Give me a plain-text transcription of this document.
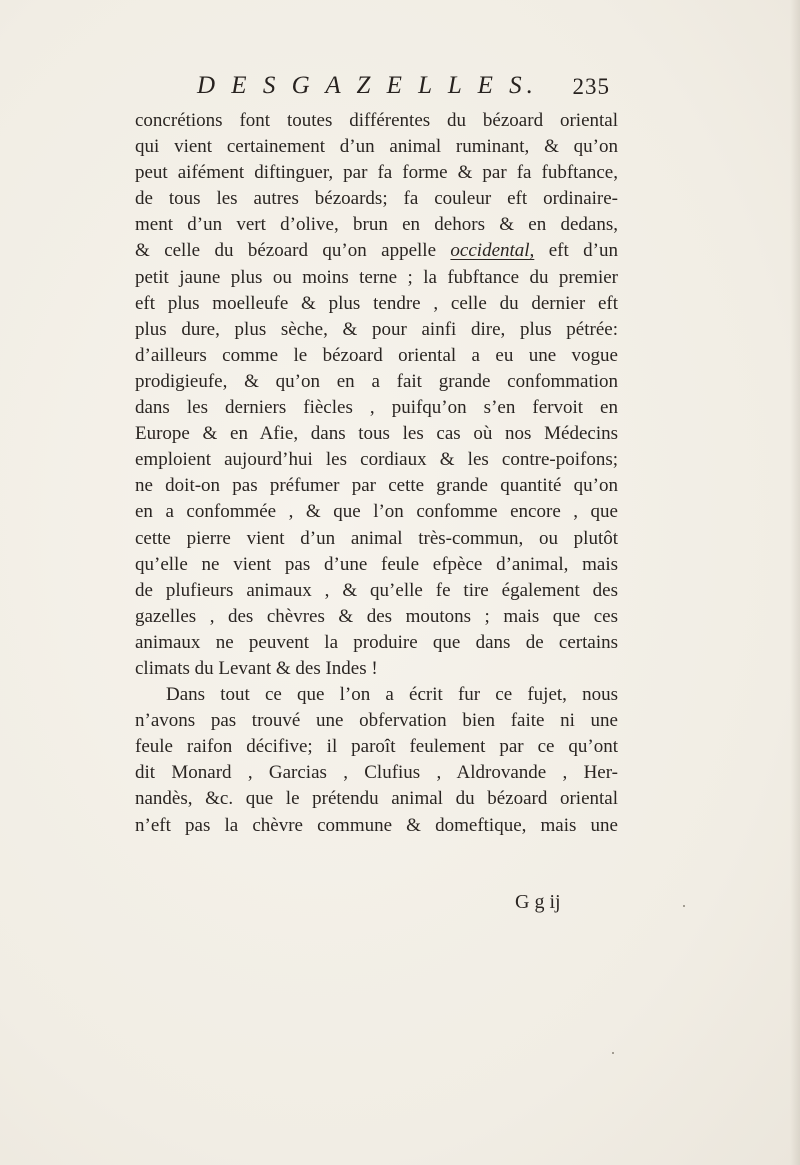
D E S G A Z E L L E S. 235
concrétions font toutes différentes du bézoard oriental
qui vient certainement d’un animal ruminant, & qu’on
peut aifément diftinguer, par fa forme & par fa fubftance,
de tous les autres bézoards; fa couleur eft ordinaire-
ment d’un vert d’olive, brun en dehors & en dedans,
& celle du bézoard qu’on appelle occidental, eft d’un
petit jaune plus ou moins terne ; la fubftance du premier
eft plus moelleufe & plus tendre , celle du dernier eft
plus dure, plus sèche, & pour ainfi dire, plus pétrée:
d’ailleurs comme le bézoard oriental a eu une vogue
prodigieufe, & qu’on en a fait grande confommation
dans les derniers fiècles , puifqu’on s’en fervoit en
Europe & en Afie, dans tous les cas où nos Médecins
emploient aujourd’hui les cordiaux & les contre-poifons;
ne doit-on pas préfumer par cette grande quantité qu’on
en a confommée , & que l’on confomme encore , que
cette pierre vient d’un animal très-commun, ou plutôt
qu’elle ne vient pas d’une feule efpèce d’animal, mais
de plufieurs animaux , & qu’elle fe tire également des
gazelles , des chèvres & des moutons ; mais que ces
animaux ne peuvent la produire que dans de certains
climats du Levant & des Indes !
Dans tout ce que l’on a écrit fur ce fujet, nous
n’avons pas trouvé une obfervation bien faite ni une
feule raifon décifive; il paroît feulement par ce qu’ont
dit Monard , Garcias , Clufius , Aldrovande , Her-
nandès, &c. que le prétendu animal du bézoard oriental
n’eft pas la chèvre commune & domeftique, mais une
G g ij
